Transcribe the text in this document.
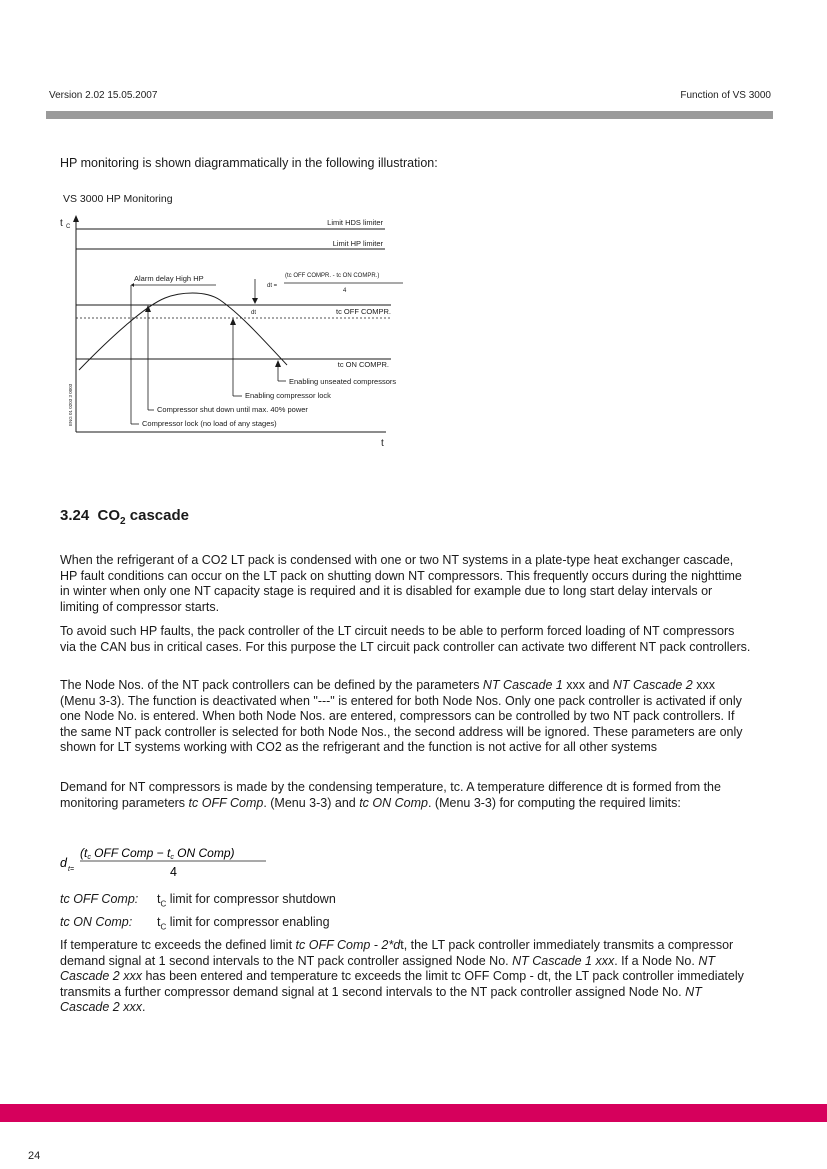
Version 2.02 15.05.2007	Function of VS 3000
HP monitoring is shown diagrammatically in the following illustration:
VS 3000 HP Monitoring
t C
t
ENG 01 0203 3 0003
Limit HDS limiter
Limit HP limiter
Alarm delay High HP
dt =
(tc OFF COMPR. - tc ON COMPR.)
4
dt	tc OFF COMPR.
tc ON COMPR.
Compressor lock (no load of any stages)
Compressor shut down until max. 40% power
Enabling compressor lock
Enabling unseated compressors
3.24 $CO_2$ cascade

When the refrigerant of a CO2 LT pack is condensed with one or two NT systems in a plate-type heat exchanger cascade, HP fault conditions can occur on the LT pack on shutting down NT compressors. This frequently occurs during the nighttime in winter when only one NT capacity stage is required and it is disabled for example due to long start delay intervals or limiting of compressor starts.

To avoid such HP faults, the pack controller of the LT circuit needs to be able to perform forced loading of NT compressors via the CAN bus in critical cases. For this purpose the LT circuit pack controller can activate two different NT pack controllers.

The Node Nos. of the NT pack controllers can be defined by the parameters NT Cascade 1 xxx and NT Cascade 2 xxx (Menu 3-3). The function is deactivated when "---" is entered for both Node Nos. Only one pack controller is activated if only one Node No. is entered. When both Node Nos. are entered, compressors can be controlled by two NT pack controllers. If the same NT pack controller is selected for both Node Nos., the second address will be ignored. These parameters are only shown for LT systems working with CO2 as the refrigerant and the function is not active for all other systems

Demand for NT compressors is made by the condensing temperature, tc. A temperature difference dt is formed from the monitoring parameters tc OFF Comp. (Menu 3-3) and tc ON Comp. (Menu 3-3) for computing the required limits:

d t=
(tc OFF Comp − tc ON Comp)
4
tc OFF Comp: $t_C$ limit for compressor shutdown
tc ON Comp: $t_C$ limit for compressor enabling

If temperature tc exceeds the defined limit tc OFF Comp - 2*dt, the LT pack controller immediately transmits a compressor demand signal at 1 second intervals to the NT pack controller assigned Node No. NT Cascade 1 xxx. If a Node No. NT Cascade 2 xxx has been entered and temperature tc exceeds the limit tc OFF Comp - dt, the LT pack controller immediately transmits a further compressor demand signal at 1 second intervals to the NT pack controller assigned Node No. NT Cascade 2 xxx.

24
